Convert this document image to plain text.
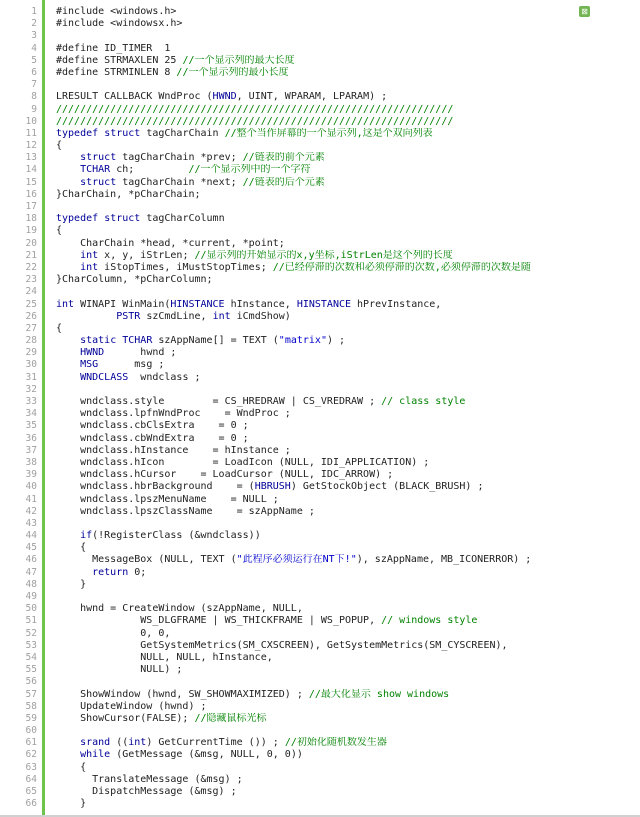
1 #include <windows.h>
2 #include <windowsx.h>
3
4 #define ID_TIMER  1
5 #define STRMAXLEN 25 //一个显示列的最大长度
6 #define STRMINLEN 8 //一个显示列的最小长度
7
8 LRESULT CALLBACK WndProc (HWND, UINT, WPARAM, LPARAM) ;
9 //////////////////////////////////////////////////////////////////
10 //////////////////////////////////////////////////////////////////
11 typedef struct tagCharChain //整个当作屏幕的一个显示列,这是个双向列表
12 {
13	struct tagCharChain *prev; //链表的前个元素
14	TCHAR ch;         //一个显示列中的一个字符
15	struct tagCharChain *next; //链表的后个元素
16 }CharChain, *pCharChain;
17
18 typedef struct tagCharColumn
19 {
20 CharChain *head, *current, *point;
21	int x, y, iStrLen; //显示列的开始显示的x,y坐标,iStrLen是这个列的长度
22	int iStopTimes, iMustStopTimes; //已经停滞的次数和必须停滞的次数,必须停滞的次数是随
23 }CharColumn, *pCharColumn;
24
25 int WINAPI WinMain(HINSTANCE hInstance, HINSTANCE hPrevInstance,
26	PSTR szCmdLine, int iCmdShow)
27 {
28	static TCHAR szAppName[] = TEXT ("matrix") ;
29	HWND      hwnd ;
30	MSG      msg ;
31	WNDCLASS  wndclass ;
32
33 wndclass.style        = CS_HREDRAW | CS_VREDRAW ; // class style
34 wndclass.lpfnWndProc    = WndProc ;
35 wndclass.cbClsExtra    = 0 ;
36 wndclass.cbWndExtra    = 0 ;
37 wndclass.hInstance    = hInstance ;
38 wndclass.hIcon        = LoadIcon (NULL, IDI_APPLICATION) ;
39 wndclass.hCursor    = LoadCursor (NULL, IDC_ARROW) ;
40 wndclass.hbrBackground    = (HBRUSH) GetStockObject (BLACK_BRUSH) ;
41 wndclass.lpszMenuName    = NULL ;
42 wndclass.lpszClassName    = szAppName ;
43
44	if(!RegisterClass (&wndclass))
45 {
46 MessageBox (NULL, TEXT ("此程序必须运行在NT下!"), szAppName, MB_ICONERROR) ;
47	return 0;
48 }
49
50 hwnd = CreateWindow (szAppName, NULL,
51 WS_DLGFRAME | WS_THICKFRAME | WS_POPUP, // windows style
52 0, 0,
53 GetSystemMetrics(SM_CXSCREEN), GetSystemMetrics(SM_CYSCREEN),
54 NULL, NULL, hInstance,
55 NULL) ;
56
57 ShowWindow (hwnd, SW_SHOWMAXIMIZED) ; //最大化显示 show windows
58 UpdateWindow (hwnd) ;
59 ShowCursor(FALSE); //隐藏鼠标光标
60
61	srand ((int) GetCurrentTime ()) ; //初始化随机数发生器
62	while (GetMessage (&msg, NULL, 0, 0))
63 {
64 TranslateMessage (&msg) ;
65 DispatchMessage (&msg) ;
66 }
⊠
